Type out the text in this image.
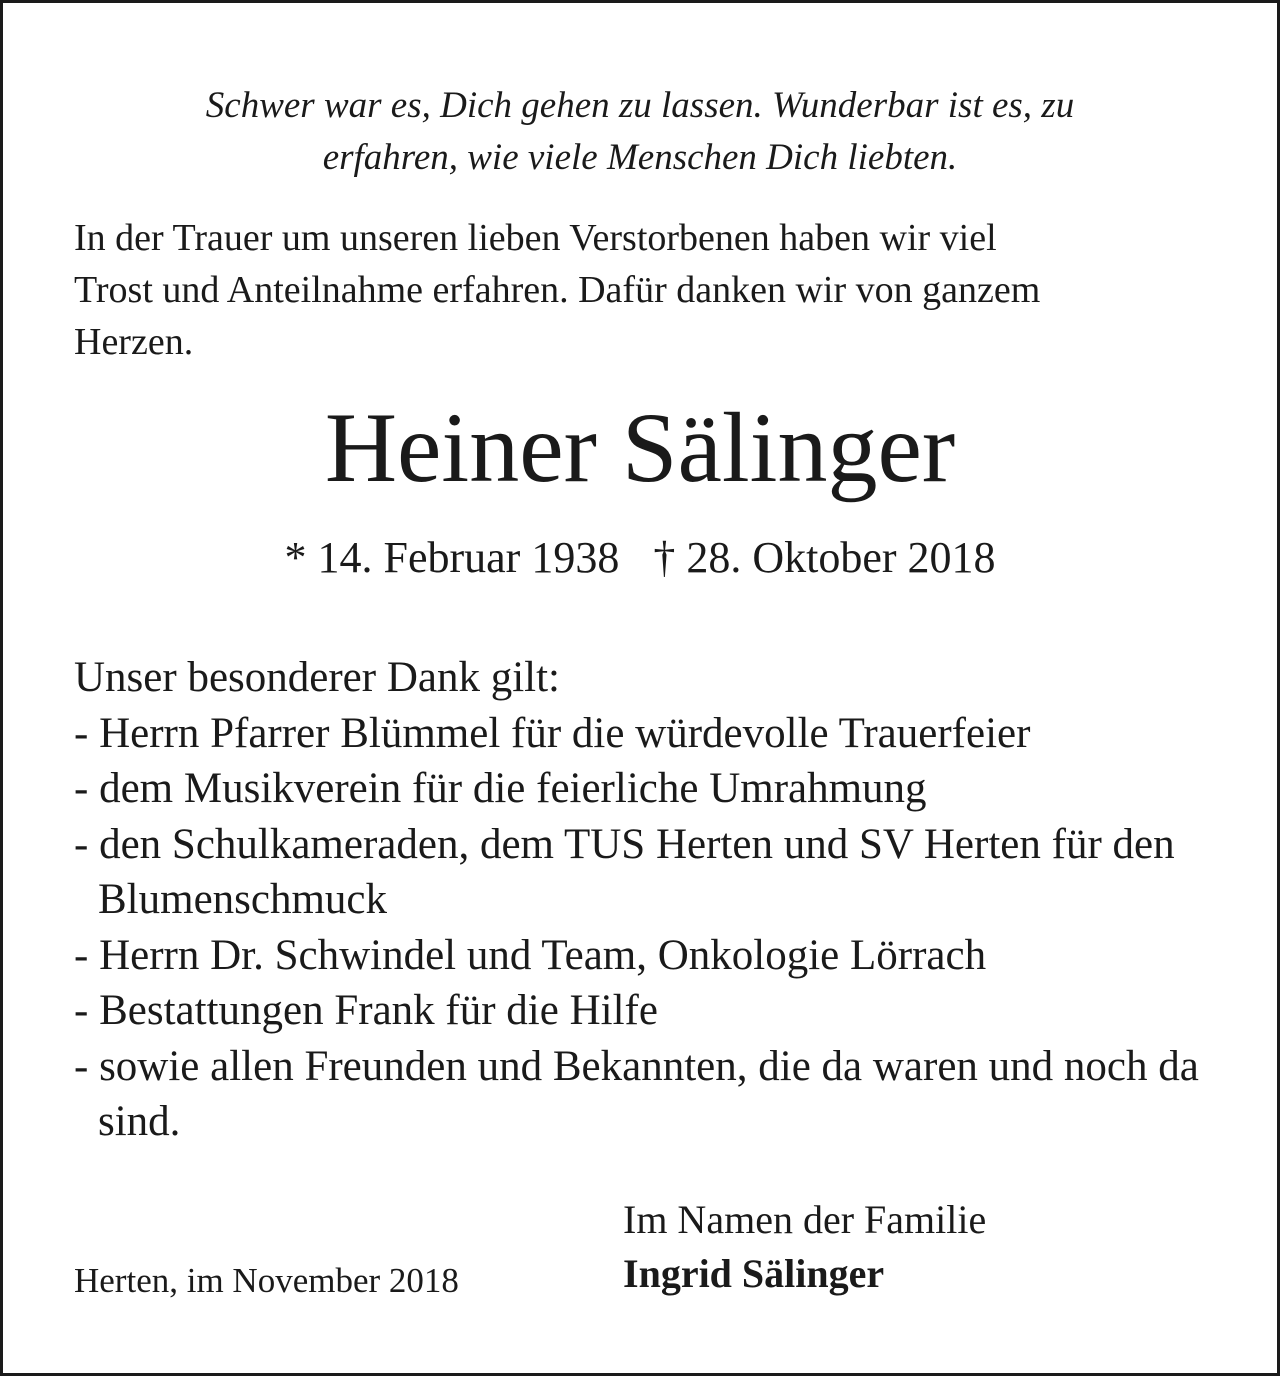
Schwer war es, Dich gehen zu lassen. Wunderbar ist es, zu
erfahren, wie viele Menschen Dich liebten.
In der Trauer um unseren lieben Verstorbenen haben wir viel
Trost und Anteilnahme erfahren. Dafür danken wir von ganzem
Herzen.
Heiner Sälinger
* 14. Februar 1938 † 28. Oktober 2018
Unser besonderer Dank gilt:
- Herrn Pfarrer Blümmel für die würdevolle Trauerfeier
- dem Musikverein für die feierliche Umrahmung
- den Schulkameraden, dem TUS Herten und SV Herten für den Blumenschmuck
- Herrn Dr. Schwindel und Team, Onkologie Lörrach
- Bestattungen Frank für die Hilfe
- sowie allen Freunden und Bekannten, die da waren und noch da sind.
Herten, im November 2018
Im Namen der Familie
Ingrid Sälinger
